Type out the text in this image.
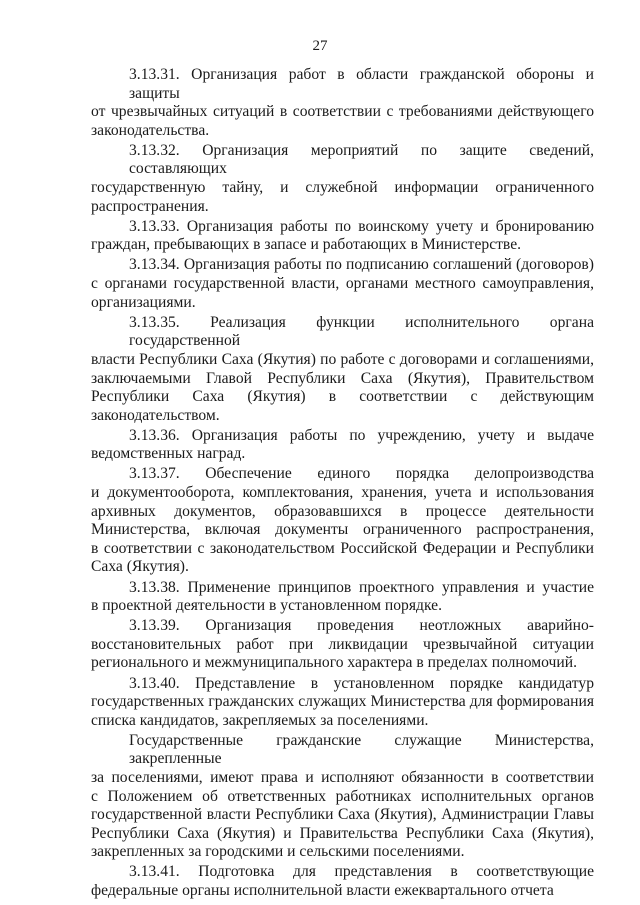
27
3.13.31. Организация работ в области гражданской обороны и защиты
от чрезвычайных ситуаций в соответствии с требованиями действующего
законодательства.
3.13.32. Организация мероприятий по защите сведений, составляющих
государственную тайну, и служебной информации ограниченного
распространения.
3.13.33. Организация работы по воинскому учету и бронированию
граждан, пребывающих в запасе и работающих в Министерстве.
3.13.34. Организация работы по подписанию соглашений (договоров)
с органами государственной власти, органами местного самоуправления,
организациями.
3.13.35. Реализация функции исполнительного органа государственной
власти Республики Саха (Якутия) по работе с договорами и соглашениями,
заключаемыми Главой Республики Саха (Якутия), Правительством
Республики Саха (Якутия) в соответствии с действующим
законодательством.
3.13.36. Организация работы по учреждению, учету и выдаче
ведомственных наград.
3.13.37. Обеспечение единого порядка делопроизводства
и документооборота, комплектования, хранения, учета и использования
архивных документов, образовавшихся в процессе деятельности
Министерства, включая документы ограниченного распространения,
в соответствии с законодательством Российской Федерации и Республики
Саха (Якутия).
3.13.38. Применение принципов проектного управления и участие
в проектной деятельности в установленном порядке.
3.13.39. Организация проведения неотложных аварийно-
восстановительных работ при ликвидации чрезвычайной ситуации
регионального и межмуниципального характера в пределах полномочий.
3.13.40. Представление в установленном порядке кандидатур
государственных гражданских служащих Министерства для формирования
списка кандидатов, закрепляемых за поселениями.
Государственные гражданские служащие Министерства, закрепленные
за поселениями, имеют права и исполняют обязанности в соответствии
с Положением об ответственных работниках исполнительных органов
государственной власти Республики Саха (Якутия), Администрации Главы
Республики Саха (Якутия) и Правительства Республики Саха (Якутия),
закрепленных за городскими и сельскими поселениями.
3.13.41. Подготовка для представления в соответствующие
федеральные органы исполнительной власти ежеквартального отчета
